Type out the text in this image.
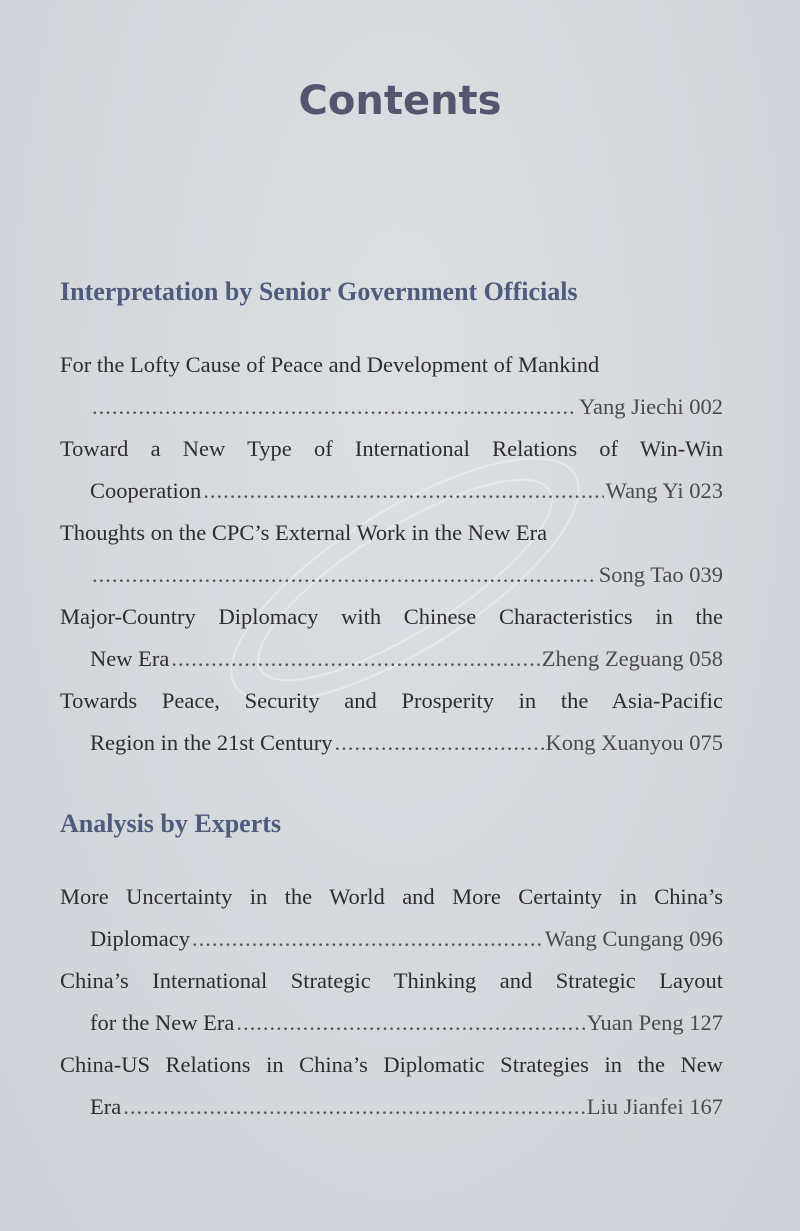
Contents
Interpretation by Senior Government Officials
For the Lofty Cause of Peace and Development of Mankind
.....
Yang Jiechi 002
Toward a New Type of International Relations of Win-Win
Cooperation .....	Wang Yi 023
Thoughts on the CPC’s External Work in the New Era
.....
Song Tao 039
Major-Country Diplomacy with Chinese Characteristics in the
New Era .....	Zheng Zeguang 058
Towards Peace, Security and Prosperity in the Asia-Pacific
Region in the 21st Century .....	Kong Xuanyou 075
Analysis by Experts
More Uncertainty in the World and More Certainty in China’s
Diplomacy .....	Wang Cungang 096
China’s International Strategic Thinking and Strategic Layout
for the New Era .....	Yuan Peng 127
China-US Relations in China’s Diplomatic Strategies in the New
Era .....	Liu Jianfei 167
